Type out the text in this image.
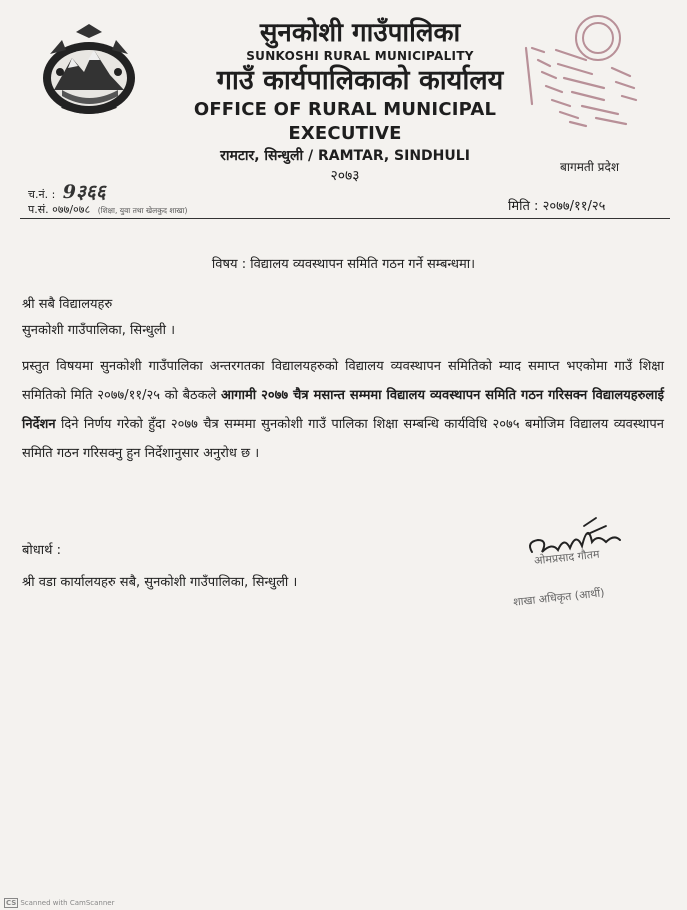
सुनकोशी गाउँपालिका
SUNKOSHI RURAL MUNICIPALITY
गाउँ कार्यपालिकाको कार्यालय
OFFICE OF RURAL MUNICIPAL EXECUTIVE
रामटार, सिन्धुली / RAMTAR, SINDHULI
२०७३
बागमती प्रदेश
च.नं. : 9३६६
प.सं. ०७७/०७८ (शिक्षा, युवा तथा खेलकुद शाखा)	मिति : २०७७/११/२५
विषय : विद्यालय व्यवस्थापन समिति गठन गर्ने सम्बन्धमा।
श्री सबै विद्यालयहरु
सुनकोशी गाउँपालिका, सिन्धुली ।
प्रस्तुत विषयमा सुनकोशी गाउँपालिका अन्तरगतका विद्यालयहरुको विद्यालय व्यवस्थापन समितिको म्याद समाप्त भएकोमा गाउँ शिक्षा समितिको मिति २०७७/११/२५ को बैठकले आगामी २०७७ चैत्र मसान्त सम्ममा विद्यालय व्यवस्थापन समिति गठन गरिसक्न विद्यालयहरुलाई निर्देशन दिने निर्णय गरेको हुँदा २०७७ चैत्र सम्ममा सुनकोशी गाउँ पालिका शिक्षा सम्बन्धि कार्यविधि २०७५ बमोजिम विद्यालय व्यवस्थापन समिति गठन गरिसक्नु हुन निर्देशानुसार अनुरोध छ ।
बोधार्थ :
श्री वडा कार्यालयहरु सबै, सुनकोशी गाउँपालिका, सिन्धुली ।
ओमप्रसाद गौतम
शाखा अधिकृत (आर्थी)
CS Scanned with CamScanner
